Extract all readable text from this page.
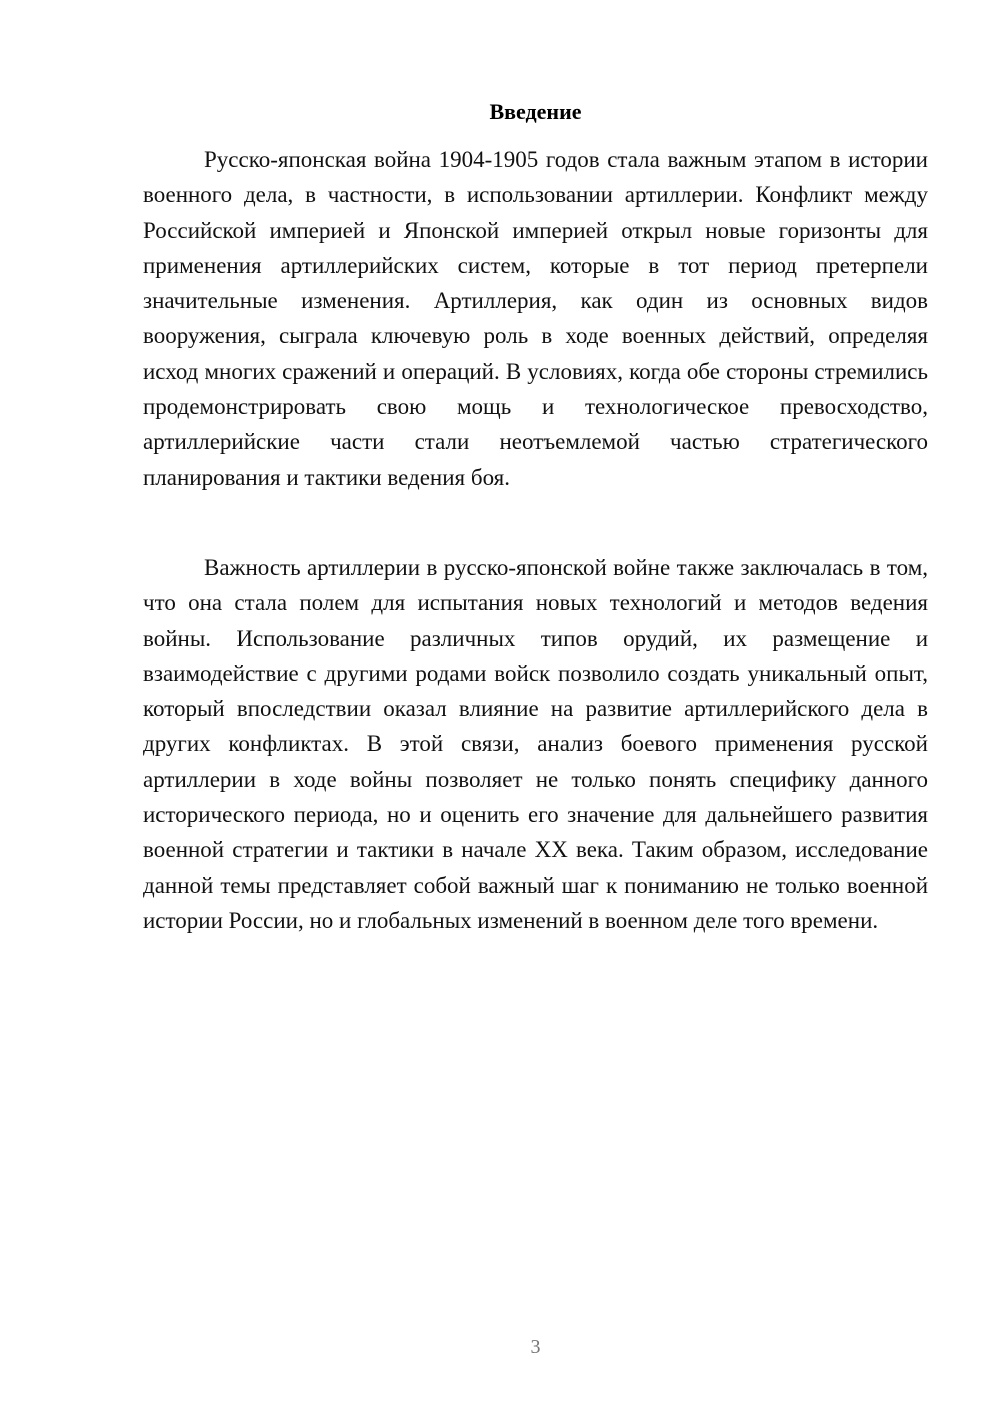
Введение

Русско-японская война 1904-1905 годов стала важным этапом в истории военного дела, в частности, в использовании артиллерии. Конфликт между Российской империей и Японской империей открыл новые горизонты для применения артиллерийских систем, которые в тот период претерпели значительные изменения. Артиллерия, как один из основных видов вооружения, сыграла ключевую роль в ходе военных действий, определяя исход многих сражений и операций. В условиях, когда обе стороны стремились продемонстрировать свою мощь и технологическое превосходство, артиллерийские части стали неотъемлемой частью стратегического планирования и тактики ведения боя.

Важность артиллерии в русско-японской войне также заключалась в том, что она стала полем для испытания новых технологий и методов ведения войны. Использование различных типов орудий, их размещение и взаимодействие с другими родами войск позволило создать уникальный опыт, который впоследствии оказал влияние на развитие артиллерийского дела в других конфликтах. В этой связи, анализ боевого применения русской артиллерии в ходе войны позволяет не только понять специфику данного исторического периода, но и оценить его значение для дальнейшего развития военной стратегии и тактики в начале XX века. Таким образом, исследование данной темы представляет собой важный шаг к пониманию не только военной истории России, но и глобальных изменений в военном деле того времени.

3
